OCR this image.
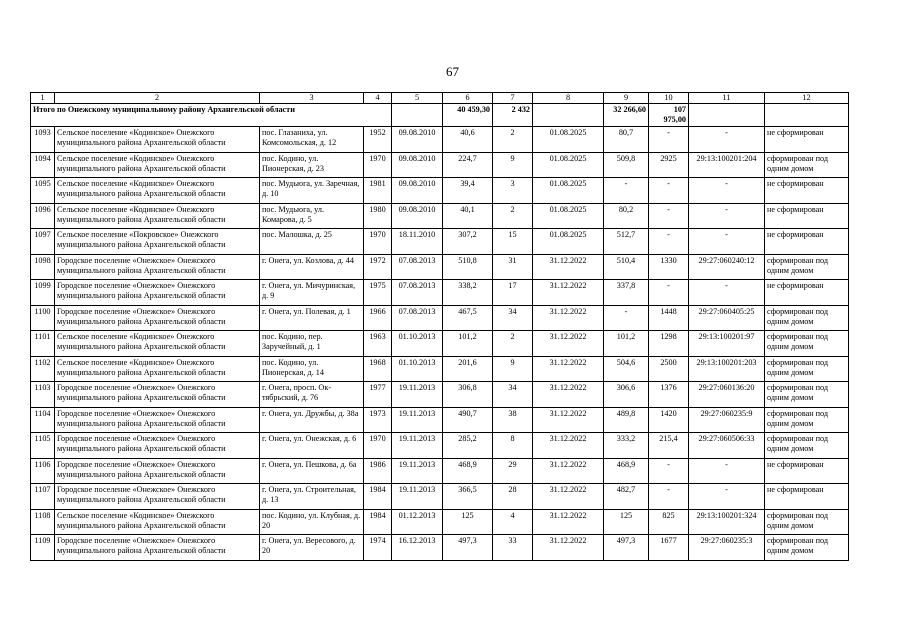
67
1	2	3	4	5	6	7	8	9	10	11	12
Итого по Онежскому муниципальному району Архангельской области					40 459,30	2 432		32 266,60	107 975,00		
1093	Сельское поселение «Кодинское» Онежского муниципального района Архангельской области	пос. Глазаниха, ул. Комсомольская, д. 12	1952	09.08.2010	40,6	2	01.08.2025	80,7	-	-	не сформирован
1094	Сельское поселение «Кодинское» Онежского муниципального района Архангельской области	пос. Кодино, ул. Пионерская, д. 23	1970	09.08.2010	224,7	9	01.08.2025	509,8	2925	29:13:100201:204	сформирован под одним домом
1095	Сельское поселение «Кодинское» Онежского муниципального района Архангельской области	пос. Мудьюга, ул. Заречная, д. 10	1981	09.08.2010	39,4	3	01.08.2025	-	-	-	не сформирован
1096	Сельское поселение «Кодинское» Онежского муниципального района Архангельской области	пос. Мудьюга, ул. Комарова, д. 5	1980	09.08.2010	40,1	2	01.08.2025	80,2	-	-	не сформирован
1097	Сельское поселение «Покровское» Онежского муниципального района Архангельской области	пос. Малошка, д. 25	1970	18.11.2010	307,2	15	01.08.2025	512,7	-	-	не сформирован
1098	Городское поселение «Онежское» Онежского муниципального района Архангельской области	г. Онега, ул. Козлова, д. 44	1972	07.08.2013	510,8	31	31.12.2022	510,4	1330	29:27:060240:12	сформирован под одним домом
1099	Городское поселение «Онежское» Онежского муниципального района Архангельской области	г. Онега, ул. Мичуринская, д. 9	1975	07.08.2013	338,2	17	31.12.2022	337,8	-	-	не сформирован
1100	Городское поселение «Онежское» Онежского муниципального района Архангельской области	г. Онега, ул. Полевая, д. 1	1966	07.08.2013	467,5	34	31.12.2022	-	1448	29:27:060405:25	сформирован под одним домом
1101	Сельское поселение «Кодинское» Онежского муниципального района Архангельской области	пос. Кодино, пер. Заручейный, д. 1	1963	01.10.2013	101,2	2	31.12.2022	101,2	1298	29:13:100201:97	сформирован под одним домом
1102	Сельское поселение «Кодинское» Онежского муниципального района Архангельской области	пос. Кодино, ул. Пионерская, д. 14	1968	01.10.2013	201,6	9	31.12.2022	504,6	2500	29:13:100201:203	сформирован под одним домом
1103	Городское поселение «Онежское» Онежского муниципального района Архангельской области	г. Онега, просп. Ок-тябрьский, д. 76	1977	19.11.2013	306,8	34	31.12.2022	306,6	1376	29:27:060136:20	сформирован под одним домом
1104	Городское поселение «Онежское» Онежского муниципального района Архангельской области	г. Онега, ул. Дружбы, д. 38а	1973	19.11.2013	490,7	38	31.12.2022	489,8	1420	29:27:060235:9	сформирован под одним домом
1105	Городское поселение «Онежское» Онежского муниципального района Архангельской области	г. Онега, ул. Онежская, д. 6	1970	19.11.2013	285,2	8	31.12.2022	333,2	215,4	29:27:060506:33	сформирован под одним домом
1106	Городское поселение «Онежское» Онежского муниципального района Архангельской области	г. Онега, ул. Пешкова, д. 6а	1986	19.11.2013	468,9	29	31.12.2022	468,9	-	-	не сформирован
1107	Городское поселение «Онежское» Онежского муниципального района Архангельской области	г. Онега, ул. Строительная, д. 13	1984	19.11.2013	366,5	28	31.12.2022	482,7	-	-	не сформирован
1108	Сельское поселение «Кодинское» Онежского муниципального района Архангельской области	пос. Кодино, ул. Клубная, д. 20	1984	01.12.2013	125	4	31.12.2022	125	825	29:13:100201:324	сформирован под одним домом
1109	Городское поселение «Онежское» Онежского муниципального района Архангельской области	г. Онега, ул. Вересового, д. 20	1974	16.12.2013	497,3	33	31.12.2022	497,3	1677	29:27:060235:3	сформирован под одним домом
